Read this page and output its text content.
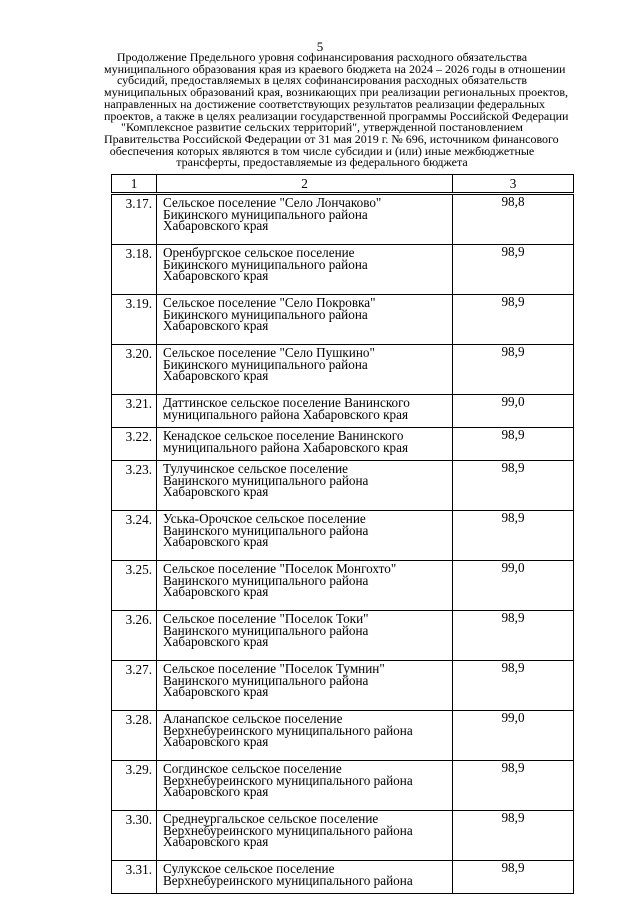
5
Продолжение Предельного уровня софинансирования расходного обязательства
муниципального образования края из краевого бюджета на 2024 – 2026 годы в отношении
субсидий, предоставляемых в целях софинансирования расходных обязательств
муниципальных образований края, возникающих при реализации региональных проектов,
направленных на достижение соответствующих результатов реализации федеральных
проектов, а также в целях реализации государственной программы Российской Федерации
"Комплексное развитие сельских территорий", утвержденной постановлением
Правительства Российской Федерации от 31 мая 2019 г. № 696, источником финансового
обеспечения которых являются в том числе субсидии и (или) иные межбюджетные
трансферты, предоставляемые из федерального бюджета
1	2	3
3.17.	Сельское поселение "Село Лончаково"
Бикинского муниципального района
Хабаровского края	98,8
3.18.	Оренбургское сельское поселение
Бикинского муниципального района
Хабаровского края	98,9
3.19.	Сельское поселение "Село Покровка"
Бикинского муниципального района
Хабаровского края	98,9
3.20.	Сельское поселение "Село Пушкино"
Бикинского муниципального района
Хабаровского края	98,9
3.21.	Даттинское сельское поселение Ванинского
муниципального района Хабаровского края	99,0
3.22.	Кенадское сельское поселение Ванинского
муниципального района Хабаровского края	98,9
3.23.	Тулучинское сельское поселение
Ванинского муниципального района
Хабаровского края	98,9
3.24.	Уська-Орочское сельское поселение
Ванинского муниципального района
Хабаровского края	98,9
3.25.	Сельское поселение "Поселок Монгохто"
Ванинского муниципального района
Хабаровского края	99,0
3.26.	Сельское поселение "Поселок Токи"
Ванинского муниципального района
Хабаровского края	98,9
3.27.	Сельское поселение "Поселок Тумнин"
Ванинского муниципального района
Хабаровского края	98,9
3.28.	Аланапское сельское поселение
Верхнебуреинского муниципального района
Хабаровского края	99,0
3.29.	Согдинское сельское поселение
Верхнебуреинского муниципального района
Хабаровского края	98,9
3.30.	Среднеургальское сельское поселение
Верхнебуреинского муниципального района
Хабаровского края	98,9
3.31.	Сулукское сельское поселение
Верхнебуреинского муниципального района	98,9
